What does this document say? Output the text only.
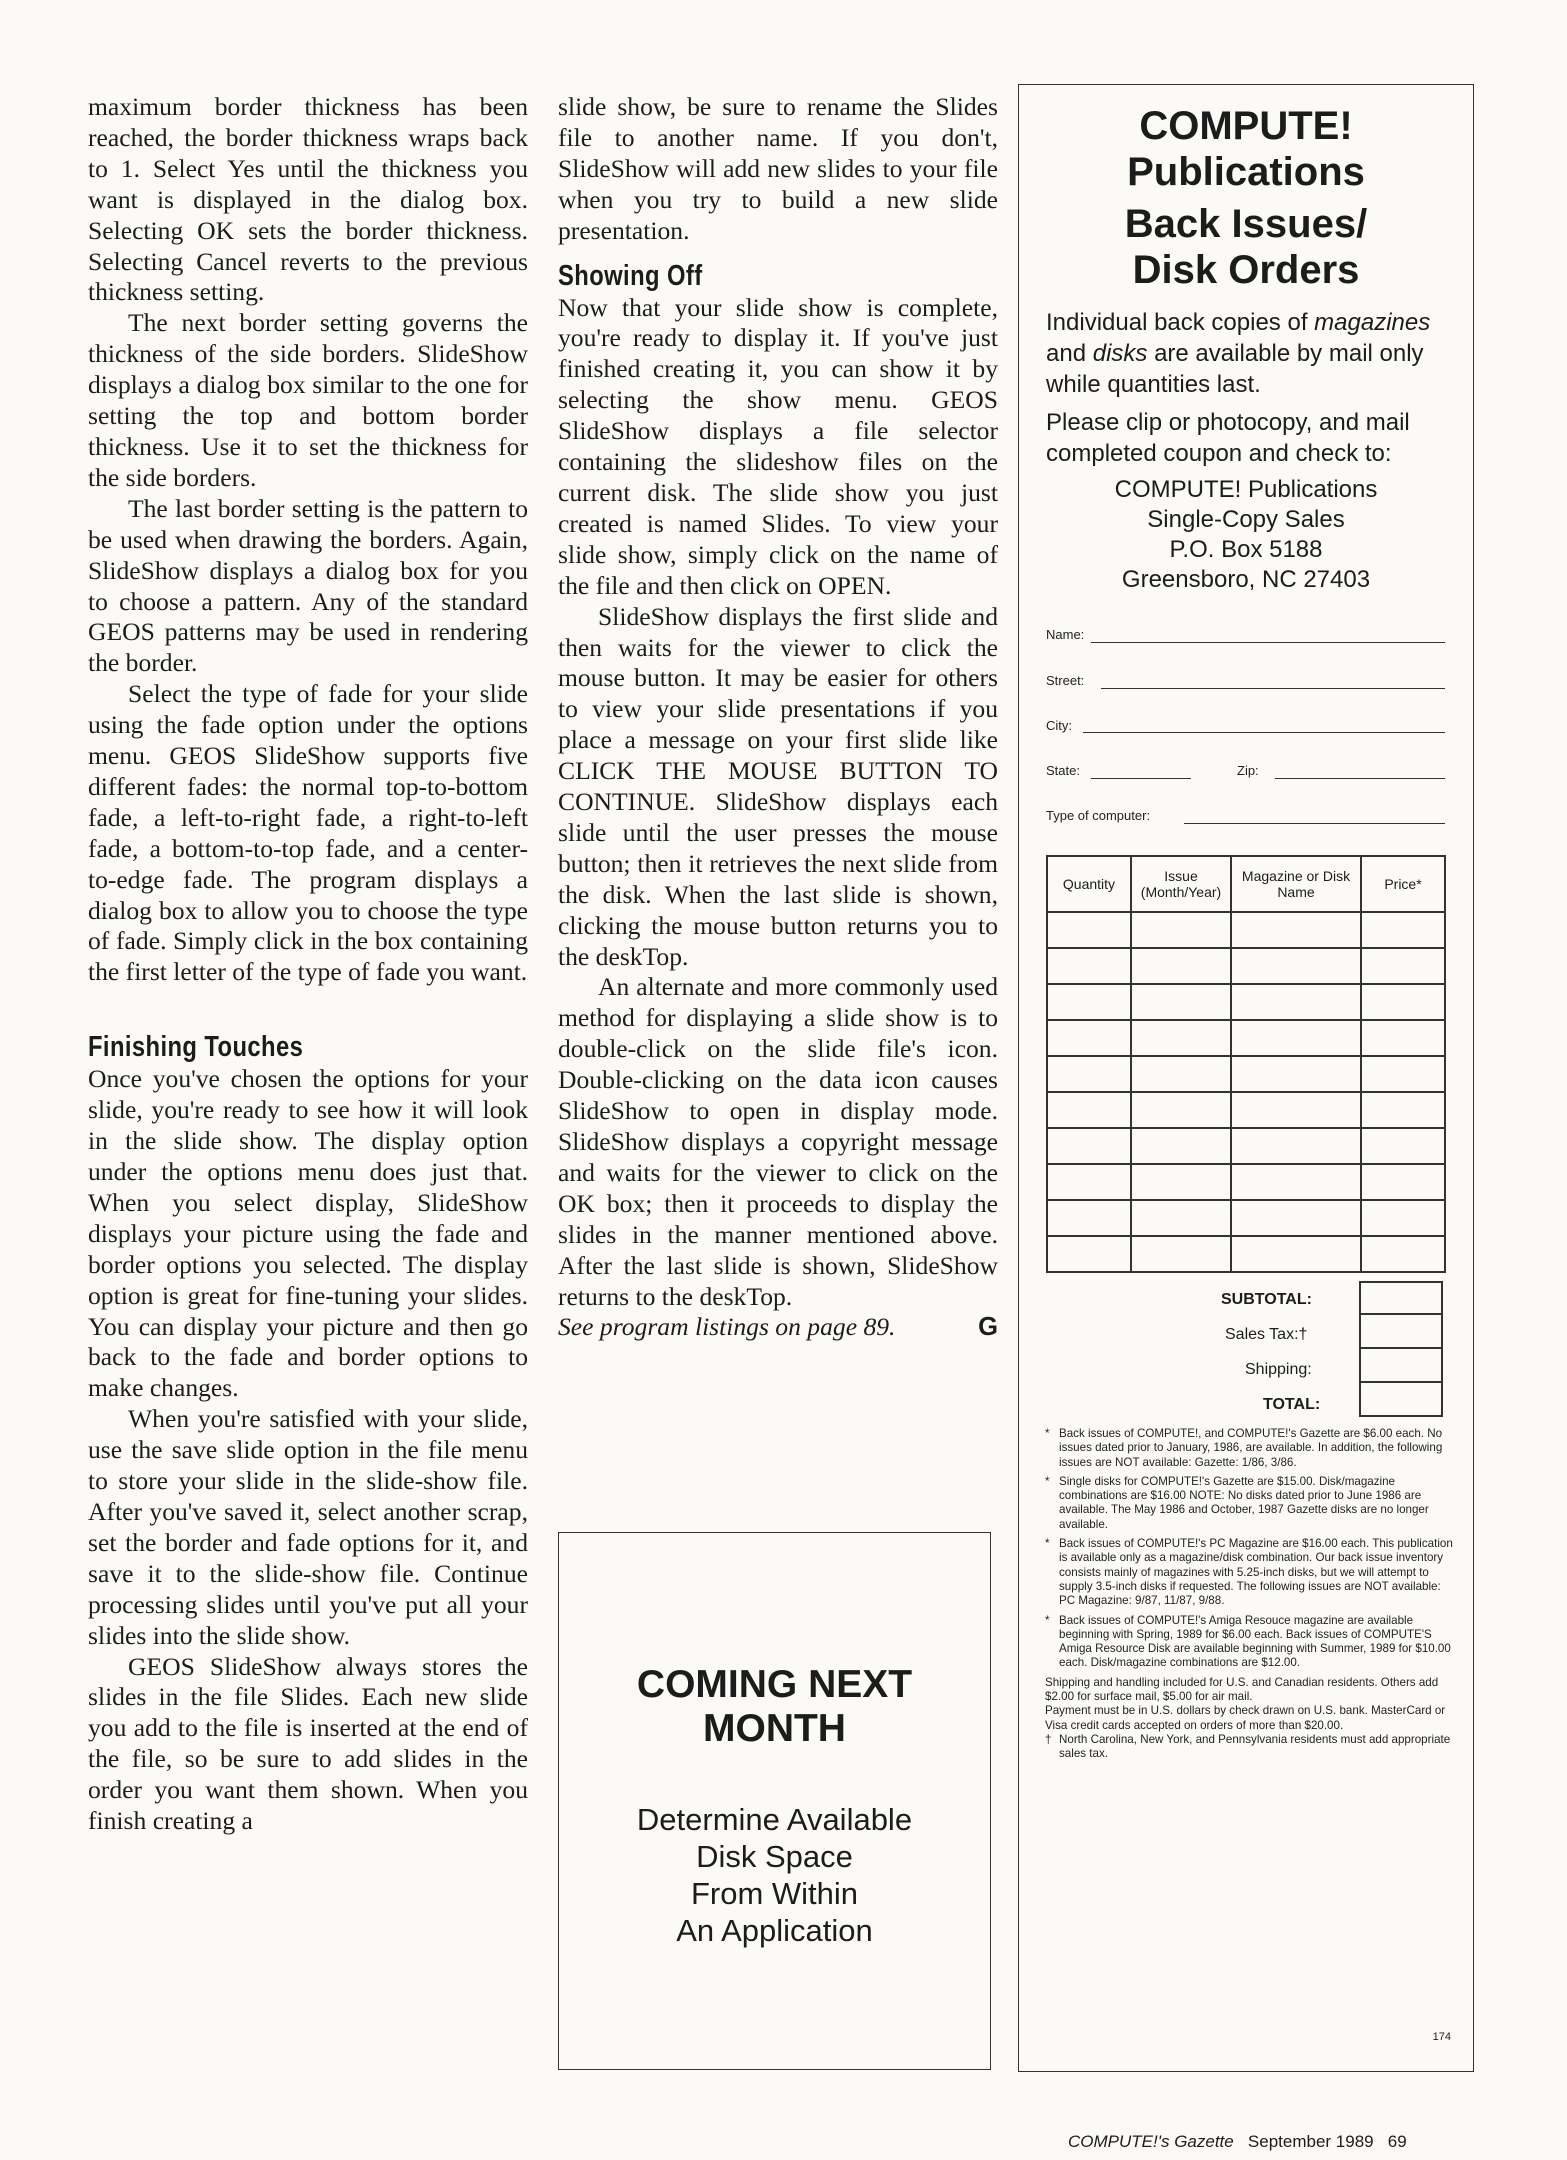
maximum border thickness has been reached, the border thickness wraps back to 1. Select Yes until the thickness you want is displayed in the dialog box. Selecting OK sets the border thickness. Selecting Cancel reverts to the previous thickness setting.

The next border setting governs the thickness of the side borders. SlideShow displays a dialog box similar to the one for setting the top and bottom border thickness. Use it to set the thickness for the side borders.

The last border setting is the pattern to be used when drawing the borders. Again, SlideShow displays a dialog box for you to choose a pattern. Any of the standard GEOS patterns may be used in rendering the border.

Select the type of fade for your slide using the fade option under the options menu. GEOS SlideShow supports five different fades: the normal top-to-bottom fade, a left-to-right fade, a right-to-left fade, a bottom-to-top fade, and a center-to-edge fade. The program displays a dialog box to allow you to choose the type of fade. Simply click in the box containing the first letter of the type of fade you want.

Finishing Touches

Once you've chosen the options for your slide, you're ready to see how it will look in the slide show. The display option under the options menu does just that. When you select display, SlideShow displays your picture using the fade and border options you selected. The display option is great for fine-tuning your slides. You can display your picture and then go back to the fade and border options to make changes.

When you're satisfied with your slide, use the save slide option in the file menu to store your slide in the slide-show file. After you've saved it, select another scrap, set the border and fade options for it, and save it to the slide-show file. Continue processing slides until you've put all your slides into the slide show.

GEOS SlideShow always stores the slides in the file Slides. Each new slide you add to the file is inserted at the end of the file, so be sure to add slides in the order you want them shown. When you finish creating a

slide show, be sure to rename the Slides file to another name. If you don't, SlideShow will add new slides to your file when you try to build a new slide presentation.

Showing Off

Now that your slide show is complete, you're ready to display it. If you've just finished creating it, you can show it by selecting the show menu. GEOS SlideShow displays a file selector containing the slideshow files on the current disk. The slide show you just created is named Slides. To view your slide show, simply click on the name of the file and then click on OPEN.

SlideShow displays the first slide and then waits for the viewer to click the mouse button. It may be easier for others to view your slide presentations if you place a message on your first slide like CLICK THE MOUSE BUTTON TO CONTINUE. SlideShow displays each slide until the user presses the mouse button; then it retrieves the next slide from the disk. When the last slide is shown, clicking the mouse button returns you to the deskTop.

An alternate and more commonly used method for displaying a slide show is to double-click on the slide file's icon. Double-clicking on the data icon causes SlideShow to open in display mode. SlideShow displays a copyright message and waits for the viewer to click on the OK box; then it proceeds to display the slides in the manner mentioned above. After the last slide is shown, SlideShow returns to the deskTop.

See program listings on page 89.	G

COMING NEXT
MONTH
Determine Available
Disk Space
From Within
An Application
COMPUTE!
Publications
Back Issues/
Disk Orders
Individual back copies of magazines and disks are available by mail only while quantities last.
Please clip or photocopy, and mail completed coupon and check to:
COMPUTE! Publications
Single-Copy Sales
P.O. Box 5188
Greensboro, NC 27403
Name:
Street:
City:
State:	Zip:
Type of computer:
Quantity	Issue (Month/Year)	Magazine or Disk Name	Price*

SUBTOTAL:
Sales Tax:†
Shipping:
TOTAL:
* Back issues of COMPUTE!, and COMPUTE!'s Gazette are $6.00 each. No issues dated prior to January, 1986, are available. In addition, the following issues are NOT available: Gazette: 1/86, 3/86.
* Single disks for COMPUTE!'s Gazette are $15.00. Disk/magazine combinations are $16.00 NOTE: No disks dated prior to June 1986 are available. The May 1986 and October, 1987 Gazette disks are no longer available.
* Back issues of COMPUTE!'s PC Magazine are $16.00 each. This publication is available only as a magazine/disk combination. Our back issue inventory consists mainly of magazines with 5.25-inch disks, but we will attempt to supply 3.5-inch disks if requested. The following issues are NOT available: PC Magazine: 9/87, 11/87, 9/88.
* Back issues of COMPUTE!'s Amiga Resouce magazine are available beginning with Spring, 1989 for $6.00 each. Back issues of COMPUTE'S Amiga Resource Disk are available beginning with Summer, 1989 for $10.00 each. Disk/magazine combinations are $12.00.
Shipping and handling included for U.S. and Canadian residents. Others add $2.00 for surface mail, $5.00 for air mail.
Payment must be in U.S. dollars by check drawn on U.S. bank. MasterCard or Visa credit cards accepted on orders of more than $20.00.
† North Carolina, New York, and Pennsylvania residents must add appropriate sales tax.
174
COMPUTE!'s Gazette September 1989 69
